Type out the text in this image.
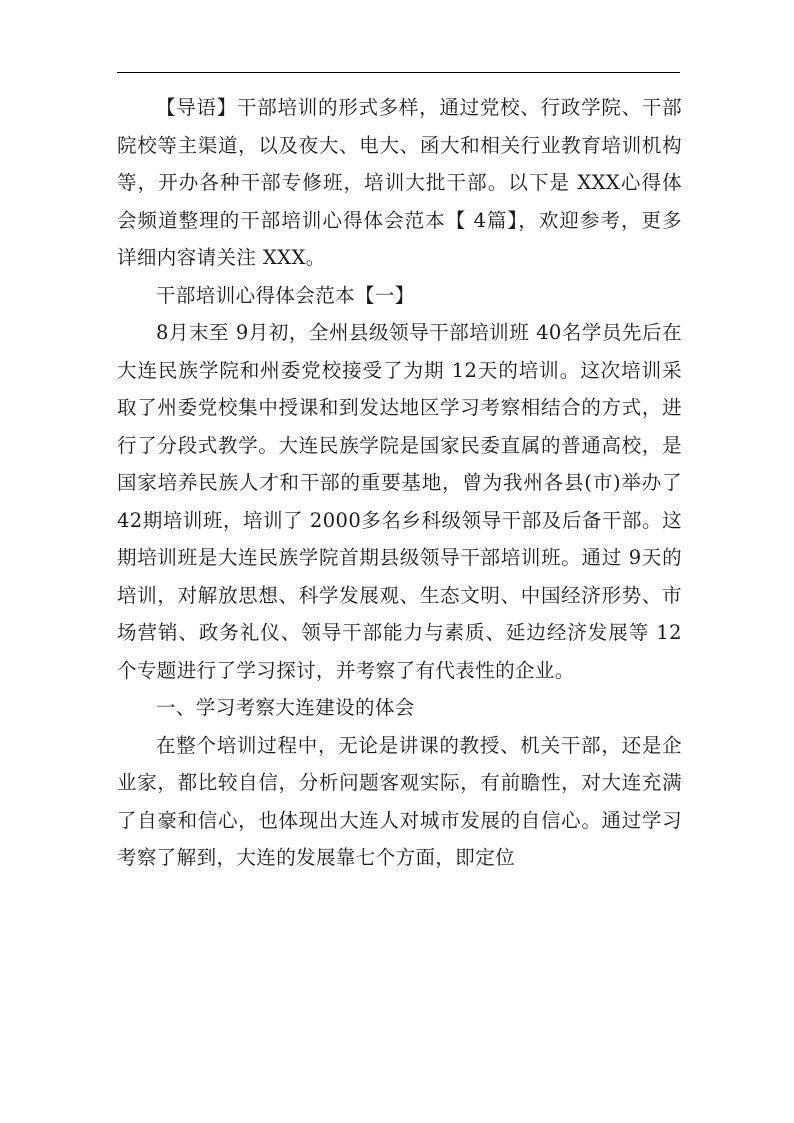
【导语】干部培训的形式多样，通过党校、行政学院、干部院校等主渠道，以及夜大、电大、函大和相关行业教育培训机构等，开办各种干部专修班，培训大批干部。以下是 XXX心得体会频道整理的干部培训心得体会范本【 4篇】，欢迎参考，更多详细内容请关注 XXX。

干部培训心得体会范本【一】

8月末至 9月初，全州县级领导干部培训班 40名学员先后在大连民族学院和州委党校接受了为期 12天的培训。这次培训采取了州委党校集中授课和到发达地区学习考察相结合的方式，进行了分段式教学。大连民族学院是国家民委直属的普通高校，是国家培养民族人才和干部的重要基地，曾为我州各县(市)举办了 42期培训班，培训了 2000多名乡科级领导干部及后备干部。这期培训班是大连民族学院首期县级领导干部培训班。通过 9天的培训，对解放思想、科学发展观、生态文明、中国经济形势、市场营销、政务礼仪、领导干部能力与素质、延边经济发展等 12个专题进行了学习探讨，并考察了有代表性的企业。

一、学习考察大连建设的体会

在整个培训过程中，无论是讲课的教授、机关干部，还是企业家，都比较自信，分析问题客观实际，有前瞻性，对大连充满了自豪和信心，也体现出大连人对城市发展的自信心。通过学习考察了解到，大连的发展靠七个方面，即定位
